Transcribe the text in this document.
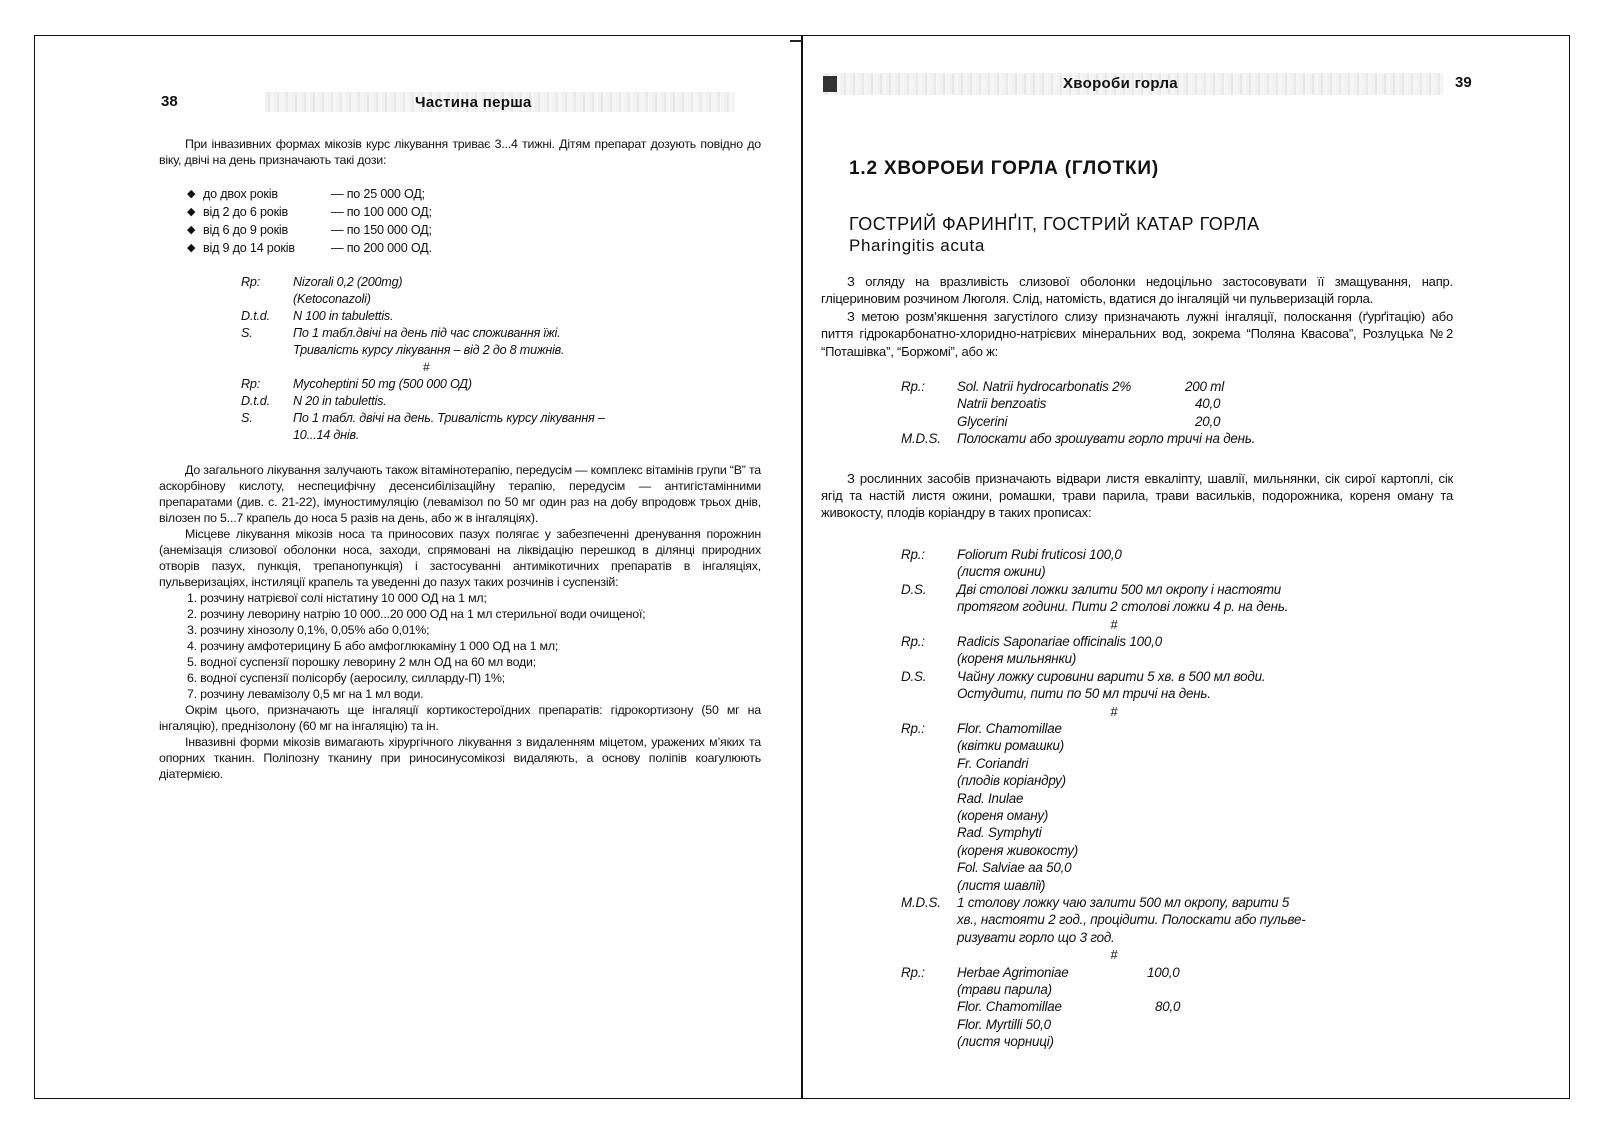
38	Частина перша

При інвазивних формах мікозів курс лікування триває 3...4 тижні. Дітям препарат дозують повідно до віку, двічі на день призначають такі дози:

◆ до двох років	— по 25 000 ОД;
◆ від 2 до 6 років	— по 100 000 ОД;
◆ від 6 до 9 років	— по 150 000 ОД;
◆ від 9 до 14 років	— по 200 000 ОД.
Rp:	Nizorali 0,2 (200mg)
(Ketoconazoli)
D.t.d.	N 100 in tabulettis.
S.	По 1 табл.двічі на день під час споживання їжі.
Тривалість курсу лікування – від 2 до 8 тижнів.
#
Rp:	Mycoheptini 50 mg (500 000 ОД)
D.t.d.	N 20 in tabulettis.
S.	По 1 табл. двічі на день. Тривалість курсу лікування –
10...14 днів.

До загального лікування залучають також вітамінотерапію, передусім — комплекс вітамінів групи “В” та аскорбінову кислоту, неспецифічну десенсибілізаційну терапію, передусім — антигістамінними препаратами (див. с. 21-22), імуностимуляцію (левамізол по 50 мг один раз на добу впродовж трьох днів, вілозен по 5...7 крапель до носа 5 разів на день, або ж в інгаляціях).

Місцеве лікування мікозів носа та приносових пазух полягає у забезпеченні дренування порожнин (анемізація слизової оболонки носа, заходи, спрямовані на ліквідацію перешкод в ділянці природних отворів пазух, пункція, трепанопункція) і застосуванні антимікотичних препаратів в інгаляціях, пульверизаціях, інстиляції крапель та уведенні до пазух таких розчинів і суспензій:

1. розчину натрієвої солі ністатину 10 000 ОД на 1 мл;
2. розчину леворину натрію 10 000...20 000 ОД на 1 мл стерильної води очищеної;
3. розчину хінозолу 0,1%, 0,05% або 0,01%;
4. розчину амфотерицину Б або амфоглюкаміну 1 000 ОД на 1 мл;
5. водної суспензії порошку леворину 2 млн ОД на 60 мл води;
6. водної суспензії полісорбу (аеросилу, силларду-П) 1%;
7. розчину левамізолу 0,5 мг на 1 мл води.

Окрім цього, призначають ще інгаляції кортикостероїдних препаратів: гідрокортизону (50 мг на інгаляцію), преднізолону (60 мг на інгаляцію) та ін.

Інвазивні форми мікозів вимагають хірургічного лікування з видаленням міцетом, уражених м’яких та опорних тканин. Поліпозну тканину при риносинусомікозі видаляють, а основу поліпів коагулюють діатермією.

Хвороби горла	39
1.2 ХВОРОБИ ГОРЛА (ГЛОТКИ)
ГОСТРИЙ ФАРИНҐІТ, ГОСТРИЙ КАТАР ГОРЛА
Pharingitis acuta

З огляду на вразливість слизової оболонки недоцільно застосовувати її змащування, напр. гліцериновим розчином Люголя. Слід, натомість, вдатися до інгаляцій чи пульверизацій горла.

З метою розм’якшення загустілого слизу призначають лужні інгаляції, полоскання (ґурґітацію) або пиття гідрокарбонатно-хлоридно-натрієвих мінеральних вод, зокрема “Поляна Квасова”, Розлуцька №2 “Поташівка”, “Боржомі”, або ж:

Rp.:	Sol. Natrii hydrocarbonatis 2%	200 ml
Natrii benzoatis	40,0
Glycerini	20,0
M.D.S.	Полоскати або зрошувати горло тричі на день.

З рослинних засобів призначають відвари листя евкаліпту, шавлії, мильнянки, сік сирої картоплі, сік ягід та настій листя ожини, ромашки, трави парила, трави васильків, подорожника, кореня оману та живокосту, плодів коріандру в таких прописах:

Rp.:	Foliorum Rubi fruticosi 100,0
(листя ожини)
D.S.	Дві столові ложки залити 500 мл окропу і настояти
протягом години. Пити 2 столові ложки 4 р. на день.
#
Rp.:	Radicis Saponariae officinalis 100,0
(кореня мильнянки)
D.S.	Чайну ложку сировини варити 5 хв. в 500 мл води.
Остудити, пити по 50 мл тричі на день.
#
Rp.:	Flor. Chamomillae
(квітки ромашки)
Fr. Coriandri
(плодів коріандру)
Rad. Inulae
(кореня оману)
Rad. Symphyti
(кореня живокосту)
Fol. Salviae aa 50,0
(листя шавлії)
M.D.S.	1 столову ложку чаю залити 500 мл окропу, варити 5
хв., настояти 2 год., процідити. Полоскати або пульве-
ризувати горло що 3 год.
#
Rp.:	Herbae Agrimoniae	100,0
(трави парила)
Flor. Chamomillae	80,0
Flor. Myrtilli 50,0
(листя чорниці)
